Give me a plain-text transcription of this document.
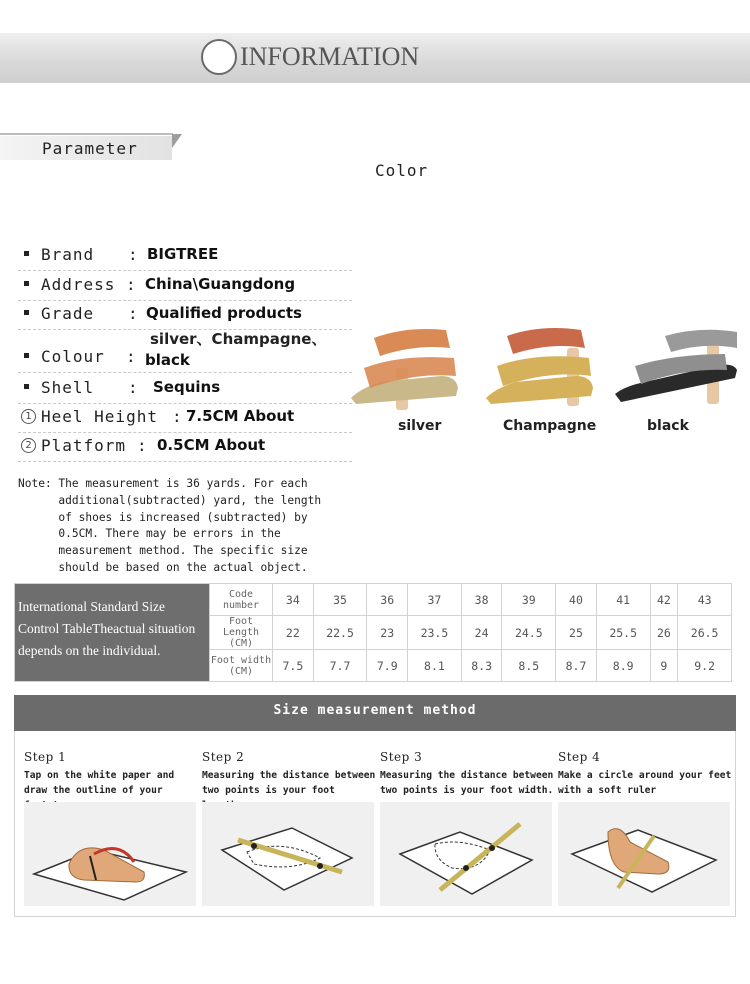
INFORMATION
Parameter
Color
Brand : BIGTREE
Address : China\Guangdong
Grade : Qualified products
silver、Champagne、
Colour : black
Shell : Sequins
1 Heel Height : 7.5CM About
2 Platform : 0.5CM About
silver	Champagne	black
Note: The measurement is 36 yards. For each
additional(subtracted) yard, the length
of shoes is increased (subtracted) by
0.5CM. There may be errors in the
measurement method. The specific size
should be based on the actual object.
International Standard Size Control TableTheactual situation depends on the individual.	Code number	34	35	36	37	38	39	40	41	42	43
	Foot Length (CM)	22	22.5	23	23.5	24	24.5	25	25.5	26	26.5
	Foot width (CM)	7.5	7.7	7.9	8.1	8.3	8.5	8.7	8.9	9	9.2
Size measurement method
Step 1
Tap on the white paper and draw the outline of your footsteps
Step 2
Measuring the distance between two points is your foot length.
Step 3
Measuring the distance between two points is your foot width.
Step 4
Make a circle around your feet with a soft ruler
